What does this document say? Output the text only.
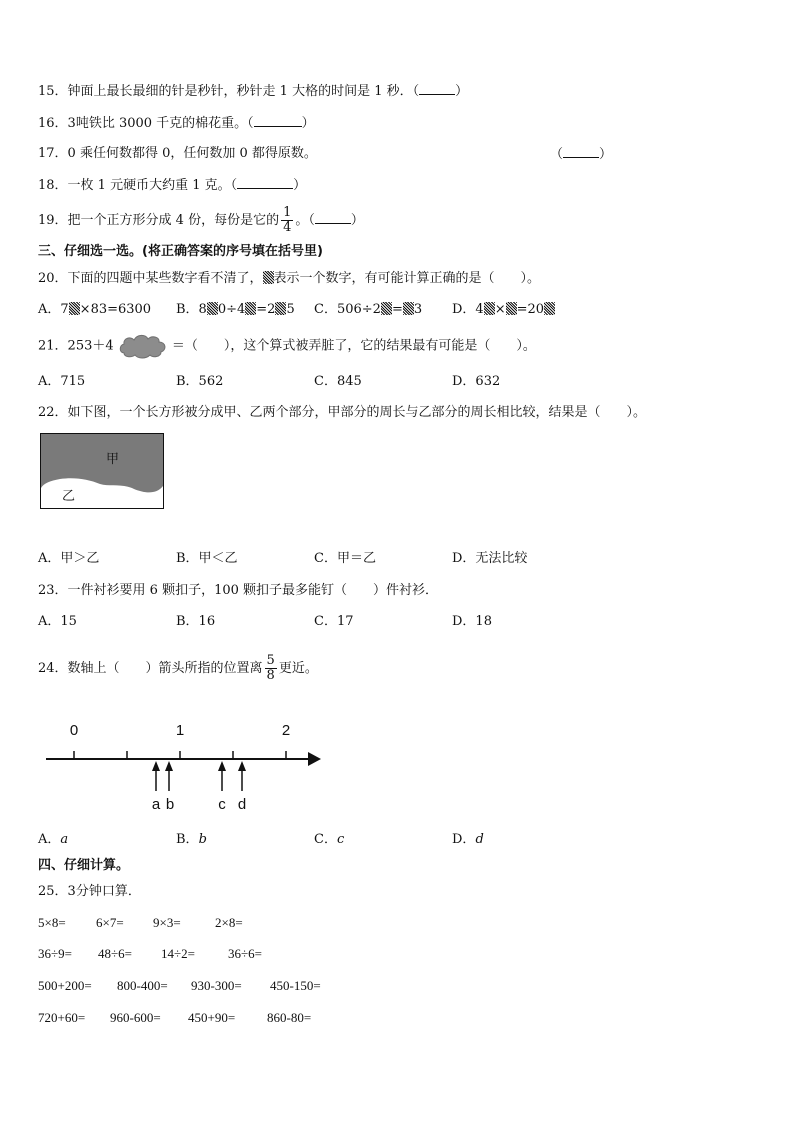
15．钟面上最长最细的针是秒针，秒针走 1 大格的时间是 1 秒．（	）
16．3吨铁比 3000 千克的棉花重。（	）
17．0 乘任何数都得 0，任何数加 0 都得原数。	（	）
18．一枚 1 元硬币大约重 1 克。（	）
19．把一个正方形分成 4 份，每份是它的 $\frac{1}{4}$ 。（	）
三、仔细选一选。(将正确答案的序号填在括号里)
20．下面的四题中某些数字看不清了， 表示一个数字，有可能计算正确的是（　　）。
A．7 ×83=6300 B．8 0÷4 =2 5 C．506÷2 = 3 D．4 × =20
21．253＋4	＝（　　），这个算式被弄脏了，它的结果最有可能是（　　）。
A．715	B．562	C．845	D．632
22．如下图，一个长方形被分成甲、乙两个部分，甲部分的周长与乙部分的周长相比较，结果是（　　）。
甲
乙
A．甲＞乙	B．甲＜乙	C．甲＝乙	D．无法比较
23．一件衬衫要用 6 颗扣子，100 颗扣子最多能钉（　　）件衬衫．
A．15	B．16	C．17	D．18
24．数轴上（　　）箭头所指的位置离 $\frac{5}{8}$ 更近。
0	1	2
a b	c d
A．a	B．b	C．c	D．d
四、仔细计算。
25．3分钟口算．
5×8= 6×7= 9×3=	2×8=
36÷9= 48÷6= 14÷2=	36÷6=
500+200= 800-400= 930-300= 450-150=
720+60= 960-600= 450+90= 860-80=
